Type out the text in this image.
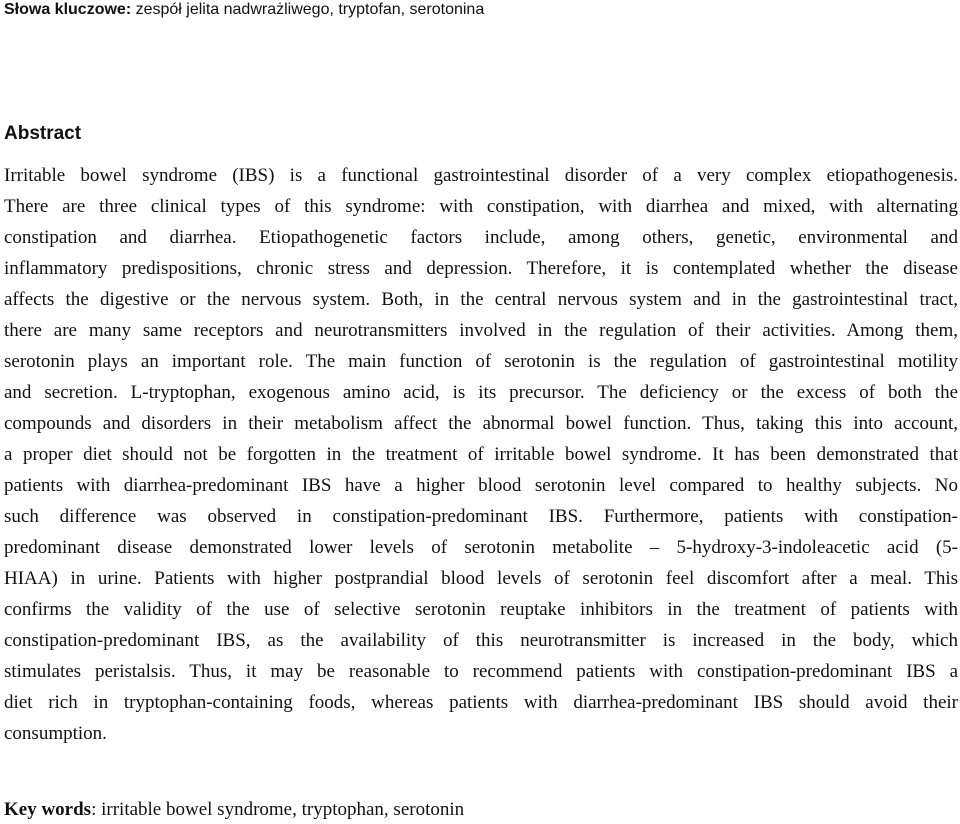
Słowa kluczowe: zespół jelita nadwrażliwego, tryptofan, serotonina
Abstract
Irritable bowel syndrome (IBS) is a functional gastrointestinal disorder of a very complex etiopathogenesis.
There are three clinical types of this syndrome: with constipation, with diarrhea and mixed, with alternating
constipation and diarrhea. Etiopathogenetic factors include, among others, genetic, environmental and
inflammatory predispositions, chronic stress and depression. Therefore, it is contemplated whether the disease
affects the digestive or the nervous system. Both, in the central nervous system and in the gastrointestinal tract,
there are many same receptors and neurotransmitters involved in the regulation of their activities. Among them,
serotonin plays an important role. The main function of serotonin is the regulation of gastrointestinal motility
and secretion. L-tryptophan, exogenous amino acid, is its precursor. The deficiency or the excess of both the
compounds and disorders in their metabolism affect the abnormal bowel function. Thus, taking this into account,
a proper diet should not be forgotten in the treatment of irritable bowel syndrome. It has been demonstrated that
patients with diarrhea-predominant IBS have a higher blood serotonin level compared to healthy subjects. No
such difference was observed in constipation-predominant IBS. Furthermore, patients with constipation-
predominant disease demonstrated lower levels of serotonin metabolite – 5-hydroxy-3-indoleacetic acid (5-
HIAA) in urine. Patients with higher postprandial blood levels of serotonin feel discomfort after a meal. This
confirms the validity of the use of selective serotonin reuptake inhibitors in the treatment of patients with
constipation-predominant IBS, as the availability of this neurotransmitter is increased in the body, which
stimulates peristalsis. Thus, it may be reasonable to recommend patients with constipation-predominant IBS a
diet rich in tryptophan-containing foods, whereas patients with diarrhea-predominant IBS should avoid their
consumption.
Key words: irritable bowel syndrome, tryptophan, serotonin
